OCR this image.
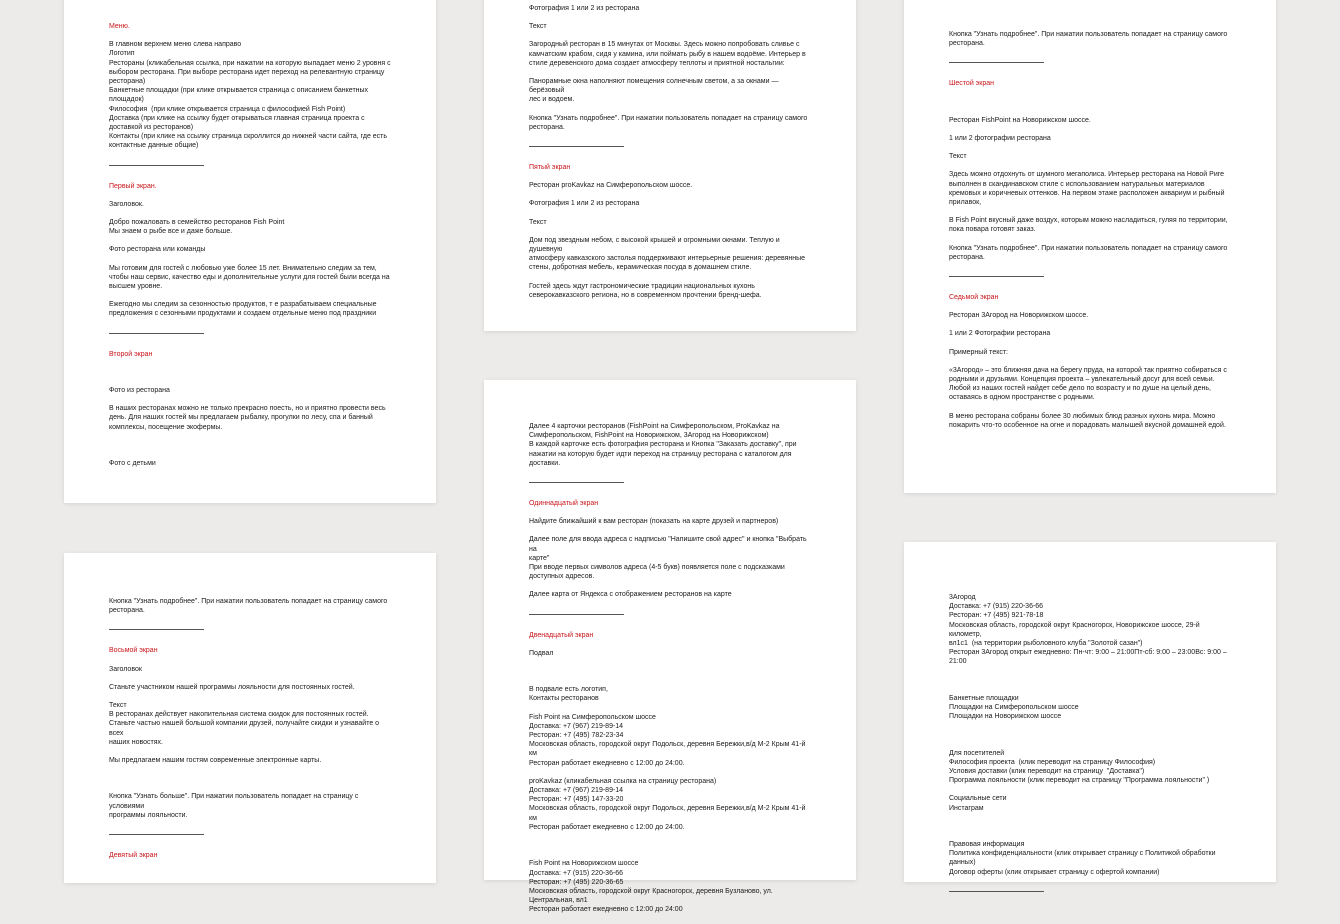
Меню.
В главном верхнем меню слева направо
Логотип
Рестораны (кликабельная ссылка, при нажатии на которую выпадает меню 2 уровня с
выбором ресторана. При выборе ресторана идет переход на релевантную страницу
ресторана)
Банкетные площадки (при клике открывается страница с описанием банкетных
площадок)
Философия  (при клике открывается страница с философией Fish Point)
Доставка (при клике на ссылку будет открываться главная страница проекта с
доставкой из ресторанов)
Контакты (при клике на ссылку страница скроллится до нижней части сайта, где есть
контактные данные общие)
Первый экран.
Заголовок.
Добро пожаловать в семейство ресторанов Fish Point
Мы знаем о рыбе все и даже больше.
Фото ресторана или команды
Мы готовим для гостей с любовью уже более 15 лет. Внимательно следим за тем,
чтобы наш сервис, качество еды и дополнительные услуги для гостей были всегда на
высшем уровне.
Ежегодно мы следим за сезонностью продуктов, т е разрабатываем специальные
предложения с сезонными продуктами и создаем отдельные меню под праздники
Второй экран

Фото из ресторана
В наших ресторанах можно не только прекрасно поесть, но и приятно провести весь
день. Для наших гостей мы предлагаем рыбалку, прогулки по лесу, спа и банный
комплексы, посещение экофермы.

Фото с детьми
Фотография 1 или 2 из ресторана
Текст
Загородный ресторан в 15 минутах от Москвы. Здесь можно попробовать сливье с
камчатским крабом, сидя у камина, или поймать рыбу в нашем водоёме. Интерьер в
стиле деревенского дома создает атмосферу теплоты и приятной ностальгии:
Панорамные окна наполняют помещения солнечным светом, а за окнами — берёзовый
лес и водоем.
Кнопка "Узнать подробнее". При нажатии пользователь попадает на страницу самого
ресторана.
Пятый экран
Ресторан proKavkaz на Симферопольском шоссе.
Фотография 1 или 2 из ресторана
Текст
Дом под звездным небом, с высокой крышей и огромными окнами. Теплую и душевную
атмосферу кавказского застолья поддерживают интерьерные решения: деревянные
стены, добротная мебель, керамическая посуда в домашнем стиле.
Гостей здесь ждут гастрономические традиции национальных кухонь
северокавказского региона, но в современном прочтении бренд-шефа.
Кнопка "Узнать подробнее". При нажатии пользователь попадает на страницу самого
ресторана.
Шестой экран

Ресторан FishPoint на Новорижском шоссе.
1 или 2 фотографии ресторана
Текст
Здесь можно отдохнуть от шумного мегаполиса. Интерьер ресторана на Новой Риге
выполнен в скандинавском стиле с использованием натуральных материалов
кремовых и коричневых оттенков. На первом этаже расположен аквариум и рыбный
прилавок,
В Fish Point вкусный даже воздух, которым можно насладиться, гуляя по территории,
пока повара готовят заказ.
Кнопка "Узнать подробнее". При нажатии пользователь попадает на страницу самого
ресторана.
Седьмой экран
Ресторан 3Агород на Новорижском шоссе.
1 или 2 Фотографии ресторана
Примерный текст:
«3Агород» – это ближняя дача на берегу пруда, на которой так приятно собираться с
родными и друзьями. Концепция проекта – увлекательный досуг для всей семьи.
Любой из наших гостей найдет себе дело по возрасту и по душе на целый день,
оставаясь в одном пространстве с родными.
В меню ресторана собраны более 30 любимых блюд разных кухонь мира. Можно
пожарить что-то особенное на огне и порадовать малышей вкусной домашней едой.
Кнопка "Узнать подробнее". При нажатии пользователь попадает на страницу самого
ресторана.
Восьмой экран
Заголовок
Станьте участником нашей программы лояльности для постоянных гостей.
Текст
В ресторанах действует накопительная система скидок для постоянных гостей.
Станьте частью нашей большой компании друзей, получайте скидки и узнавайте о всех
наших новостях.
Мы предлагаем нашим гостям современные электронные карты.

Кнопка "Узнать больше". При нажатии пользователь попадает на страницу с условиями
программы лояльности.
Девятый экран
Далее 4 карточки ресторанов (FishPoint на Симферопольском, ProKavkaz на
Симферопольском, FishPoint на Новорижском, 3Агород на Новорижском)
В каждой карточке есть фотография ресторана и Кнопка "Заказать доставку", при
нажатии на которую будет идти переход на страницу ресторана с каталогом для
доставки.
Одиннадцатый экран
Найдите ближайший к вам ресторан (показать на карте друзей и партнеров)
Далее поле для ввода адреса с надписью "Напишите свой адрес" и кнопка "Выбрать на
карте"
При вводе первых символов адреса (4-5 букв) появляется поле с подсказками
доступных адресов.
Далее карта от Яндекса с отображением ресторанов на карте
Двенадцатый экран
Подвал

В подвале есть логотип,
Контакты ресторанов
Fish Point на Симферопольском шоссе
Доставка: +7 (967) 219-89-14
Ресторан: +7 (495) 782-23-34
Московская область, городской округ Подольск, деревня Бережки,в/д М-2 Крым 41-й км
Ресторан работает ежедневно с 12:00 до 24:00.
proKavkaz (кликабельная ссылка на страницу ресторана)
Доставка: +7 (967) 219-89-14
Ресторан: +7 (495) 147-33-20
Московская область, городской округ Подольск, деревня Бережки,в/д М-2 Крым 41-й км
Ресторан работает ежедневно с 12:00 до 24:00.

Fish Point на Новорижском шоссе
Доставка: +7 (915) 220-36-66
Ресторан: +7 (495) 220-36-65
Московская область, городской округ Красногорск, деревня Бузланово, ул.
Центральная, вл1
Ресторан работает ежедневно с 12:00 до 24:00
3Агород
Доставка: +7 (915) 220-36-66
Ресторан: +7 (495) 921-78-18
Московская область, городской округ Красногорск, Новорижское шоссе, 29-й километр,
вл1с1  (на территории рыболовного клуба "Золотой сазан")
Ресторан 3Агород открыт ежедневно: Пн-чт: 9:00 – 21:00Пт-сб: 9:00 – 23:00Вс: 9:00 –
21:00

Банкетные площадки
Площадки на Симферопольском шоссе
Площадки на Новорижском шоссе

Для посетителей
Философия проекта  (клик переводит на страницу Философия)
Условия доставки (клик переводит на страницу  "Доставка")
Программа лояльности (клик переводит на страницу "Программа лояльности" )
Социальные сети
Инстаграм

Правовая информация
Политика конфиденциальности (клик открывает страницу с Политикой обработки
данных)
Договор оферты (клик открывает страницу с офертой компании)
